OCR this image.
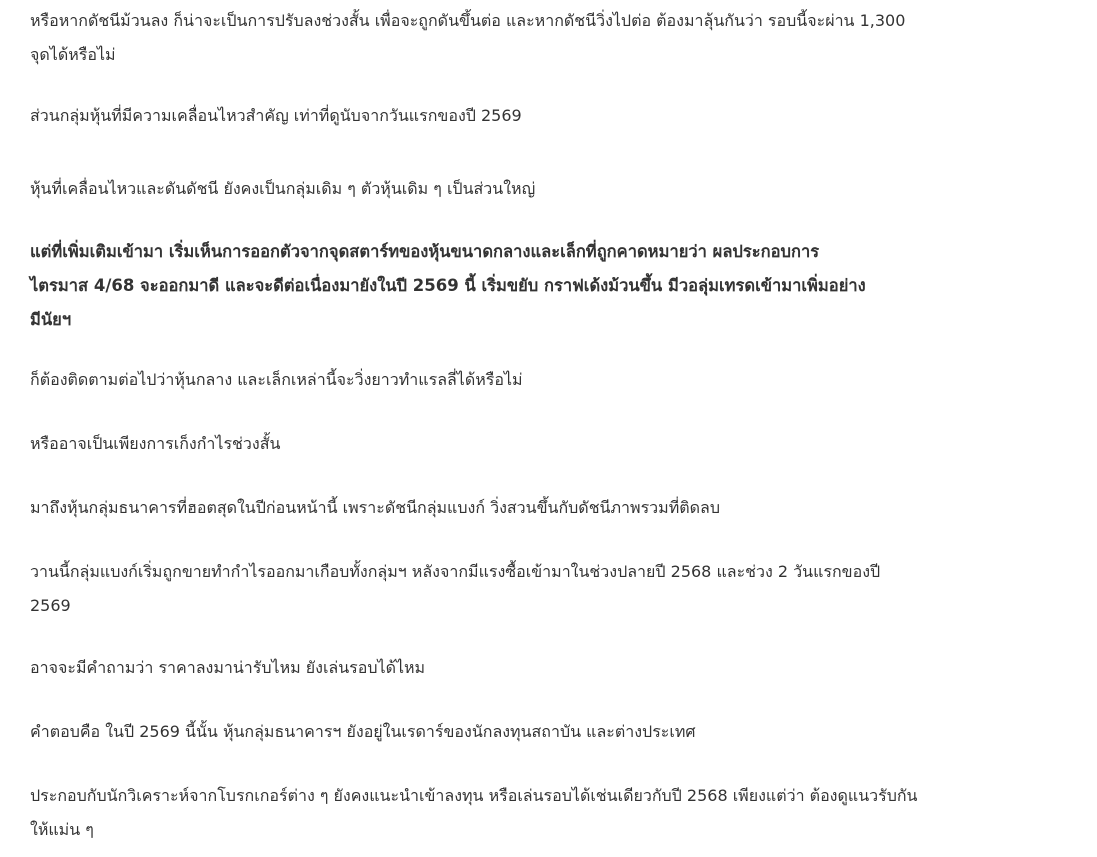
หรือหากดัชนีม้วนลง ก็น่าจะเป็นการปรับลงช่วงสั้น เพื่อจะถูกดันขึ้นต่อ และหากดัชนีวิ่งไปต่อ ต้องมาลุ้นกันว่า รอบนี้จะผ่าน 1,300
จุดได้หรือไม่

ส่วนกลุ่มหุ้นที่มีความเคลื่อนไหวสำคัญ เท่าที่ดูนับจากวันแรกของปี 2569

หุ้นที่เคลื่อนไหวและดันดัชนี ยังคงเป็นกลุ่มเดิม ๆ ตัวหุ้นเดิม ๆ เป็นส่วนใหญ่

แต่ที่เพิ่มเติมเข้ามา เริ่มเห็นการออกตัวจากจุดสตาร์ทของหุ้นขนาดกลางและเล็กที่ถูกคาดหมายว่า ผลประกอบการ
ไตรมาส 4/68 จะออกมาดี และจะดีต่อเนื่องมายังในปี 2569 นี้ เริ่มขยับ กราฟเด้งม้วนขึ้น มีวอลุ่มเทรดเข้ามาเพิ่มอย่าง
มีนัยฯ

ก็ต้องติดตามต่อไปว่าหุ้นกลาง และเล็กเหล่านี้จะวิ่งยาวทำแรลลี่ได้หรือไม่

หรืออาจเป็นเพียงการเก็งกำไรช่วงสั้น

มาถึงหุ้นกลุ่มธนาคารที่ฮอตสุดในปีก่อนหน้านี้ เพราะดัชนีกลุ่มแบงก์ วิ่งสวนขึ้นกับดัชนีภาพรวมที่ติดลบ

วานนี้กลุ่มแบงก์เริ่มถูกขายทำกำไรออกมาเกือบทั้งกลุ่มฯ หลังจากมีแรงซื้อเข้ามาในช่วงปลายปี 2568 และช่วง 2 วันแรกของปี
2569

อาจจะมีคำถามว่า ราคาลงมาน่ารับไหม ยังเล่นรอบได้ไหม

คำตอบคือ ในปี 2569 นี้นั้น หุ้นกลุ่มธนาคารฯ ยังอยู่ในเรดาร์ของนักลงทุนสถาบัน และต่างประเทศ

ประกอบกับนักวิเคราะห์จากโบรกเกอร์ต่าง ๆ ยังคงแนะนำเข้าลงทุน หรือเล่นรอบได้เช่นเดียวกับปี 2568 เพียงแต่ว่า ต้องดูแนวรับกัน
ให้แม่น ๆ
